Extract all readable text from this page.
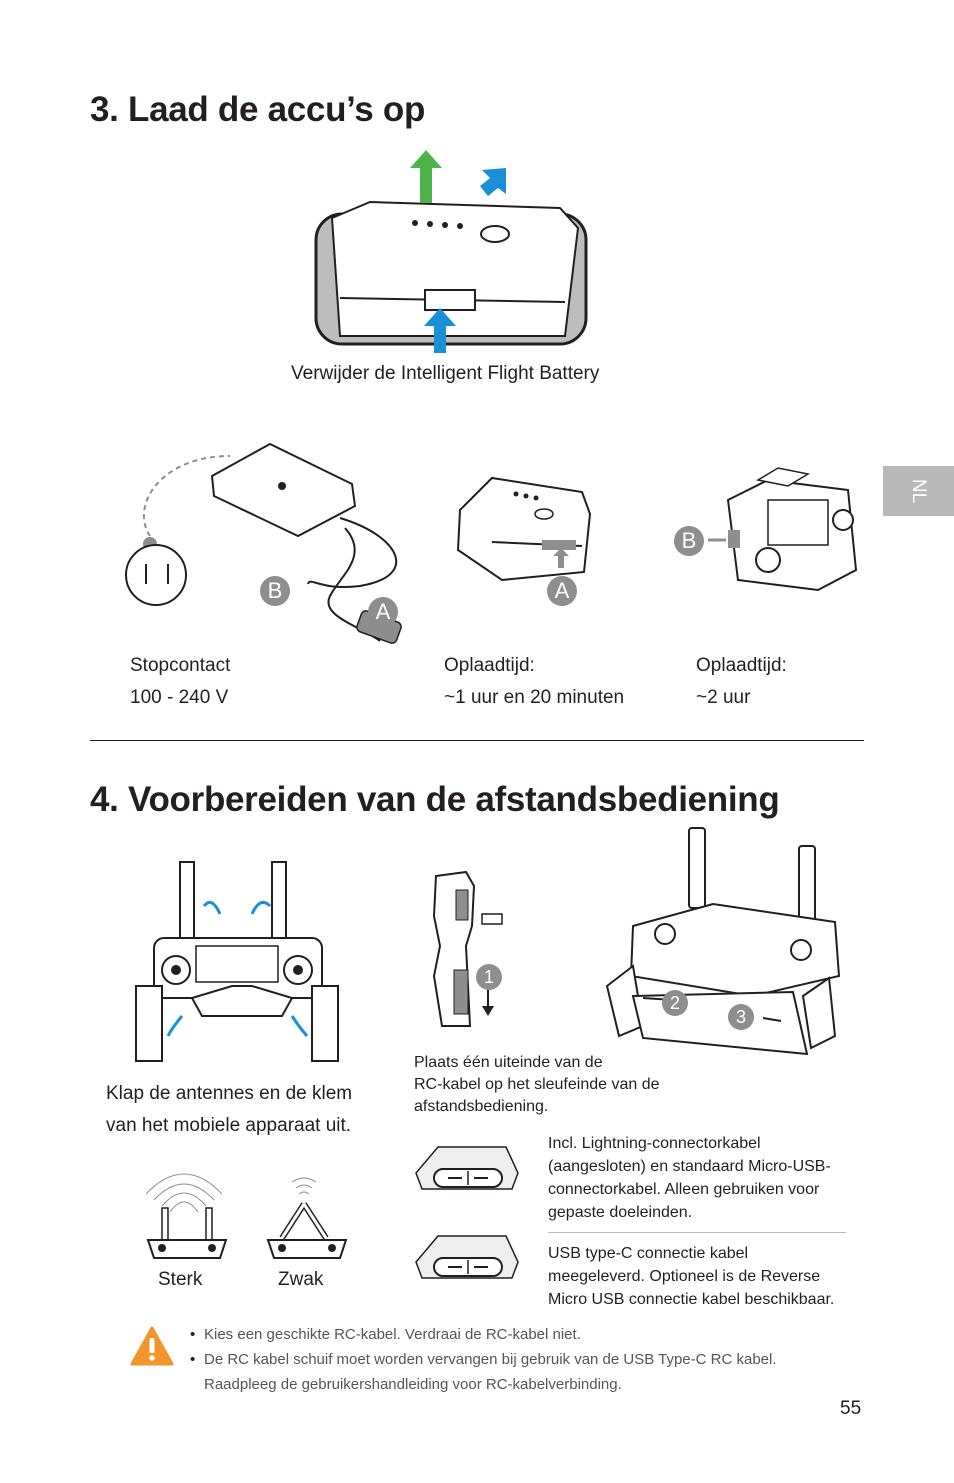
3. Laad de accu’s op
Verwijder de Intelligent Flight Battery
B
A
A
B
NL
Stopcontact
100 - 240 V
Oplaadtijd:
~1 uur en 20 minuten
Oplaadtijd:
~2 uur
4. Voorbereiden van de afstandsbediening
Klap de antennes en de klem
van het mobiele apparaat uit.
1
2
3
Plaats één uiteinde van de
RC-kabel op het sleufeinde van de
afstandsbediening.
Sterk	Zwak
Incl. Lightning-connectorkabel
(aangesloten) en standaard Micro-USB-
connectorkabel. Alleen gebruiken voor
gepaste doeleinden.
USB type-C connectie kabel
meegeleverd. Optioneel is de Reverse
Micro USB connectie kabel beschikbaar.
• Kies een geschikte RC-kabel. Verdraai de RC-kabel niet.
• De RC kabel schuif moet worden vervangen bij gebruik van de USB Type-C RC kabel.
Raadpleeg de gebruikershandleiding voor RC-kabelverbinding.
55
